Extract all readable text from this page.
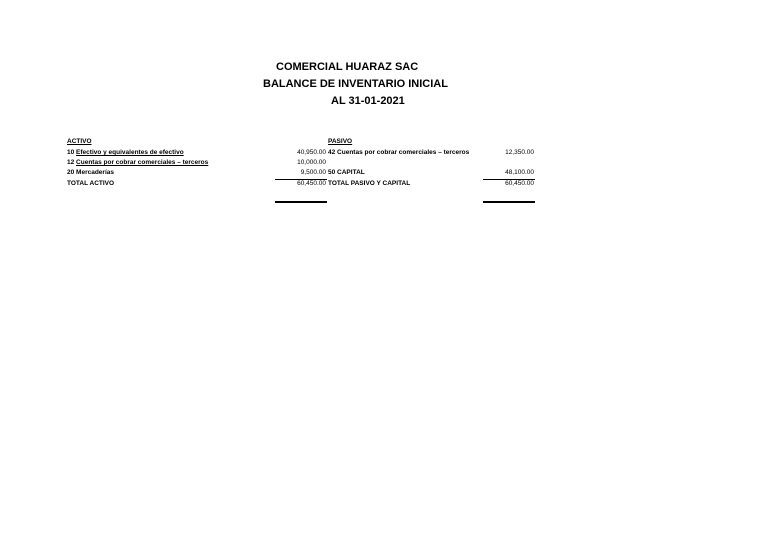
COMERCIAL HUARAZ SAC
BALANCE DE INVENTARIO INICIAL
AL 31-01-2021
ACTIVO
10 Efectivo y equivalentes de efectivo
12 Cuentas por cobrar comerciales – terceros
20 Mercaderías
TOTAL ACTIVO
40,950.00
10,000.00
9,500.00
60,450.00
PASIVO
42 Cuentas por cobrar comerciales – terceros
50 CAPITAL
TOTAL PASIVO Y CAPITAL
12,350.00
48,100.00
60,450.00
